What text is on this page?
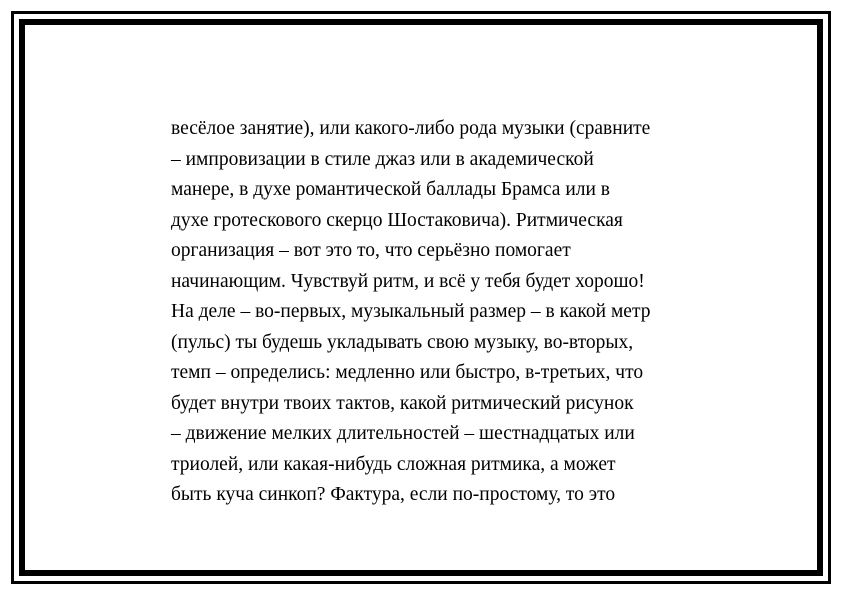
весёлое занятие), или какого-либо рода музыки (сравните
– импровизации в стиле джаз или в академической
манере, в духе романтической баллады Брамса или в
духе гротескового скерцо Шостаковича). Ритмическая
организация – вот это то, что серьёзно помогает
начинающим. Чувствуй ритм, и всё у тебя будет хорошо!
На деле – во-первых, музыкальный размер – в какой метр
(пульс) ты будешь укладывать свою музыку, во-вторых,
темп – определись: медленно или быстро, в-третьих, что
будет внутри твоих тактов, какой ритмический рисунок
– движение мелких длительностей – шестнадцатых или
триолей, или какая-нибудь сложная ритмика, а может
быть куча синкоп? Фактура, если по-простому, то это
